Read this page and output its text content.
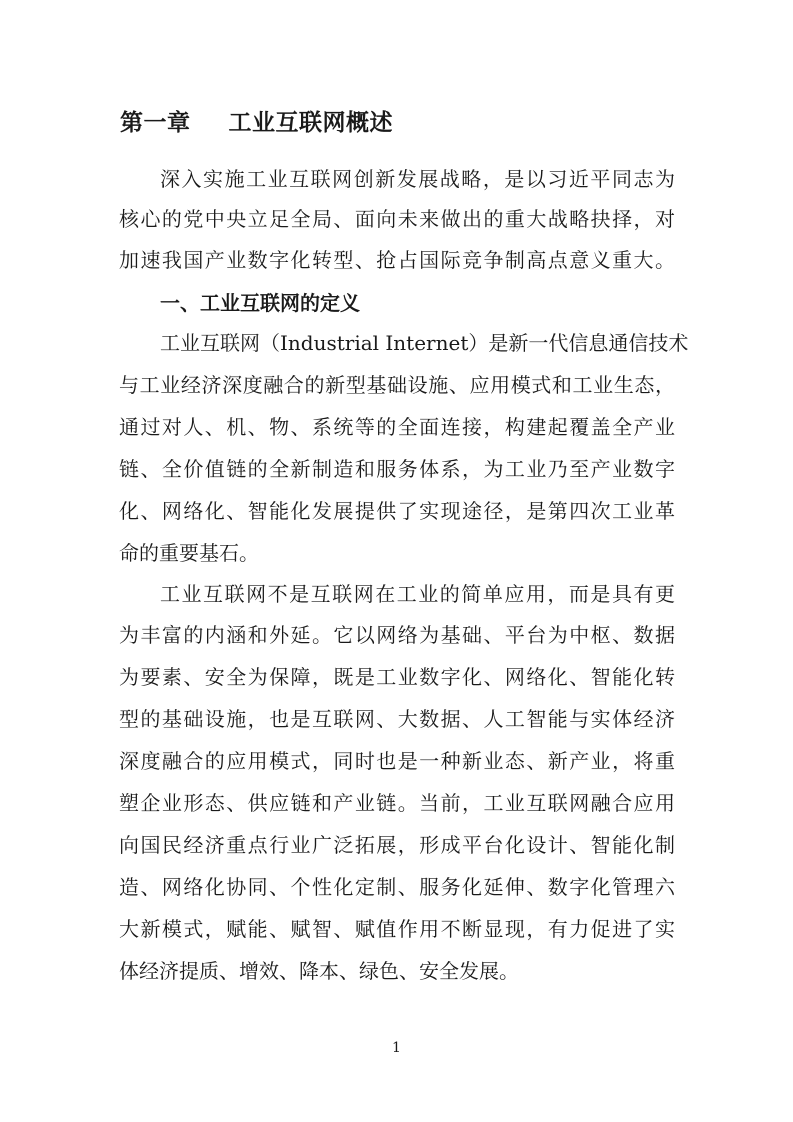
第一章 工业互联网概述
深入实施工业互联网创新发展战略，是以习近平同志为
核心的党中央立足全局、面向未来做出的重大战略抉择，对
加速我国产业数字化转型、抢占国际竞争制高点意义重大。
一、工业互联网的定义
工业互联网（Industrial Internet）是新一代信息通信技术
与工业经济深度融合的新型基础设施、应用模式和工业生态，
通过对人、机、物、系统等的全面连接，构建起覆盖全产业
链、全价值链的全新制造和服务体系，为工业乃至产业数字
化、网络化、智能化发展提供了实现途径，是第四次工业革
命的重要基石。
工业互联网不是互联网在工业的简单应用，而是具有更
为丰富的内涵和外延。它以网络为基础、平台为中枢、数据
为要素、安全为保障，既是工业数字化、网络化、智能化转
型的基础设施，也是互联网、大数据、人工智能与实体经济
深度融合的应用模式，同时也是一种新业态、新产业，将重
塑企业形态、供应链和产业链。当前，工业互联网融合应用
向国民经济重点行业广泛拓展，形成平台化设计、智能化制
造、网络化协同、个性化定制、服务化延伸、数字化管理六
大新模式，赋能、赋智、赋值作用不断显现，有力促进了实
体经济提质、增效、降本、绿色、安全发展。
1
